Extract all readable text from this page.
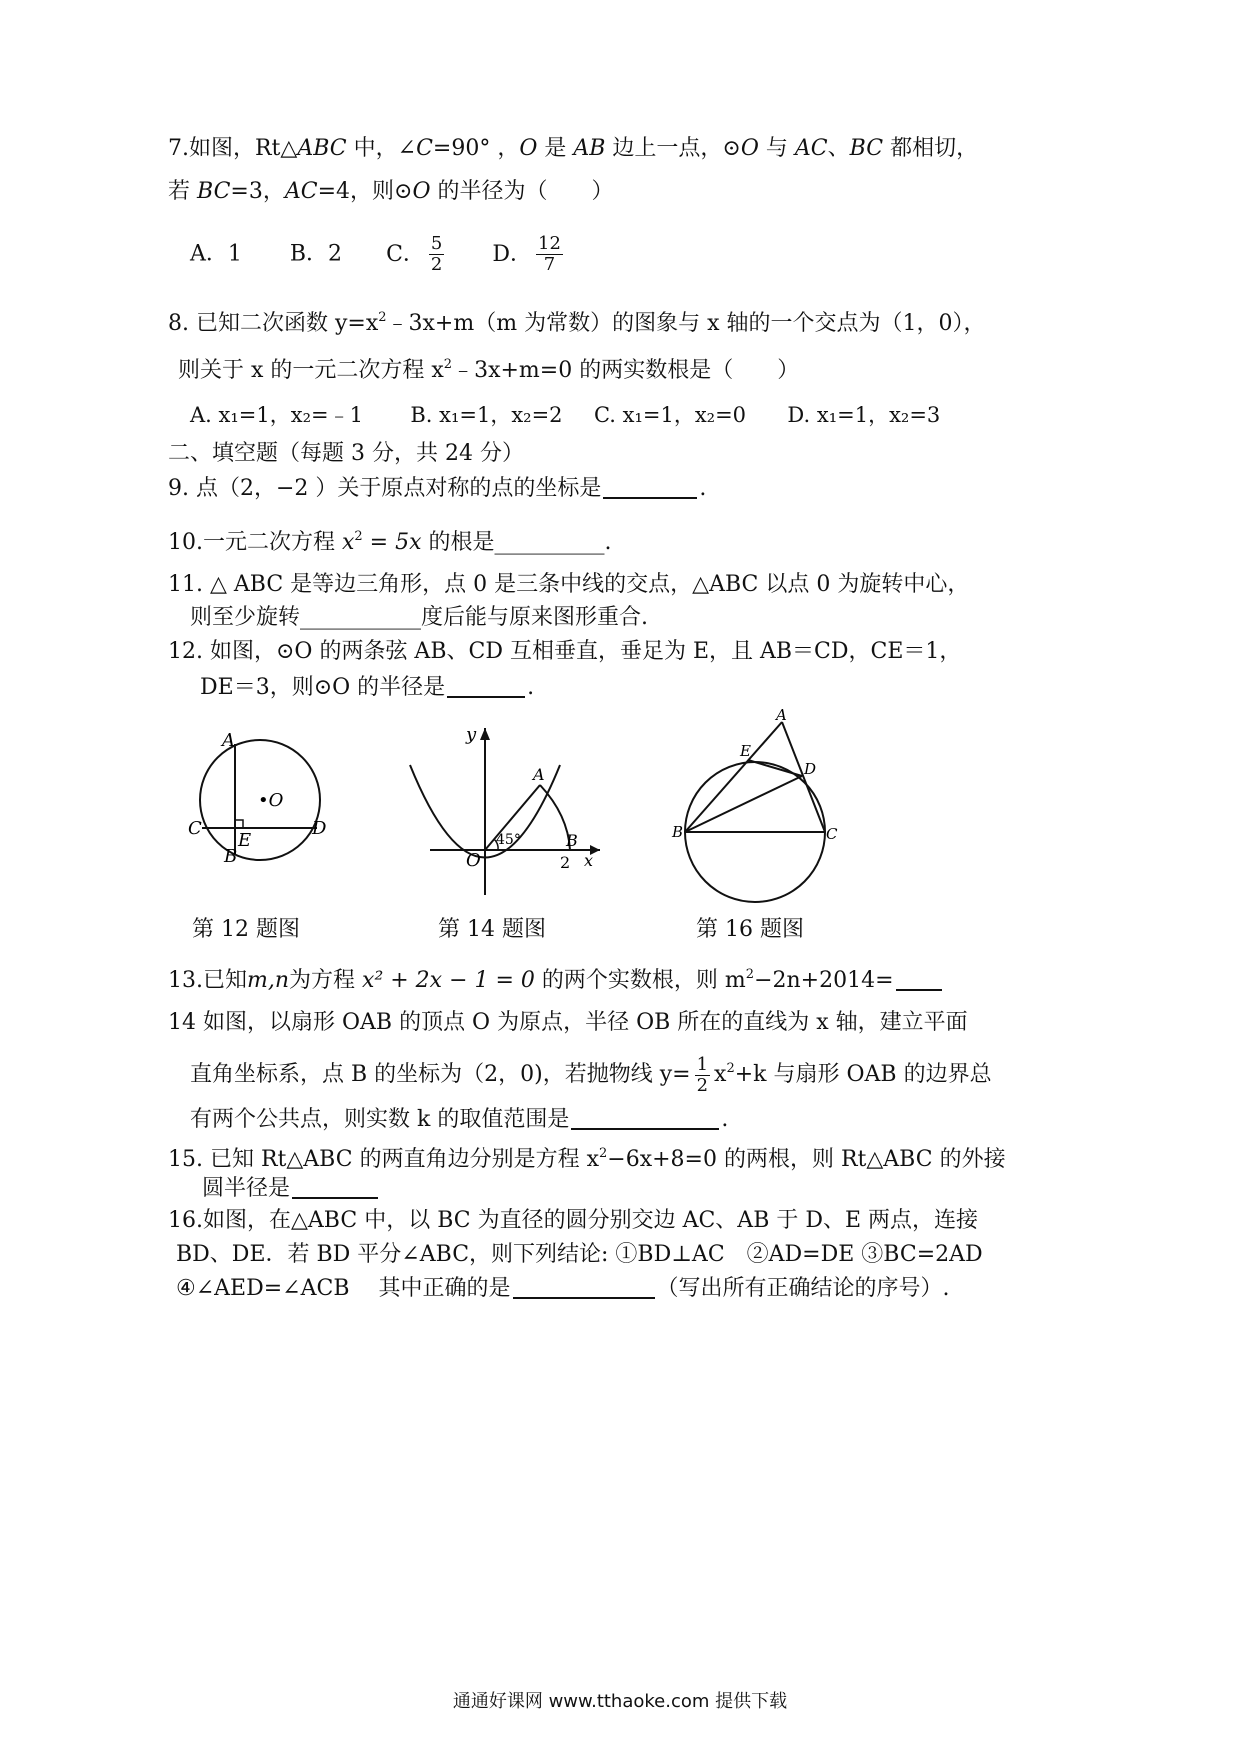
7.如图，Rt△ABC 中，∠C=90° ，O 是 AB 边上一点，⊙O 与 AC、BC 都相切，
若 BC=3，AC=4，则⊙O 的半径为（　　）
A．1 B．2 C． $\frac{5}{2}$ D． $\frac{12}{7}$
8. 已知二次函数 $y=x^2﹣3x+m(m$ 为常数）的图象与 x 轴的一个交点为（1，0），
则关于 x 的一元二次方程 $x^2﹣3x+m=0$ 的两实数根是（　　）
A. x₁=1，x₂=﹣1 B. x₁=1，x₂=2 C. x₁=1，x₂=0 D. x₁=1，x₂=3
二、填空题（每题 3 分，共 24 分）
9. 点（2，−2 ）关于原点对称的点的坐标是	.
10.一元二次方程 $x^2 = 5x$ 的根是__________.
11. △ ABC 是等边三角形，点 0 是三条中线的交点，△ABC 以点 0 为旋转中心，
则至少旋转___________度后能与原来图形重合.
12. 如图，⊙O 的两条弦 AB、CD 互相垂直，垂足为 E，且 AB＝CD，CE＝1，
DE＝3，则⊙O 的半径是	.
A
•O
C
E
D
B
第 12 题图
y
A
45°	B
O	2 x
第 14 题图
A
E
D
B	C
第 16 题图
13.已知m,n为方程 x² + 2x − 1 = 0 的两个实数根，则 $m^2-2n+2014=$
14 如图，以扇形 OAB 的顶点 O 为原点，半径 OB 所在的直线为 x 轴，建立平面
直角坐标系，点 B 的坐标为（2，0)，若抛物线 $y= \frac{1}{2} x^2+k$ 与扇形 OAB 的边界总
有两个公共点，则实数 k 的取值范围是	.
15. 已知 Rt△ABC 的两直角边分别是方程 $x^2-6x+8=0$ 的两根，则 Rt△ABC 的外接
圆半径是
16.如图，在△ABC 中，以 BC 为直径的圆分别交边 AC、AB 于 D、E 两点，连接
BD、DE．若 BD 平分∠ABC，则下列结论: ①BD⊥AC　②AD=DE ③BC=2AD
④∠AED=∠ACB　 其中正确的是	（写出所有正确结论的序号）.
通通好课网 www.tthaoke.com 提供下载
